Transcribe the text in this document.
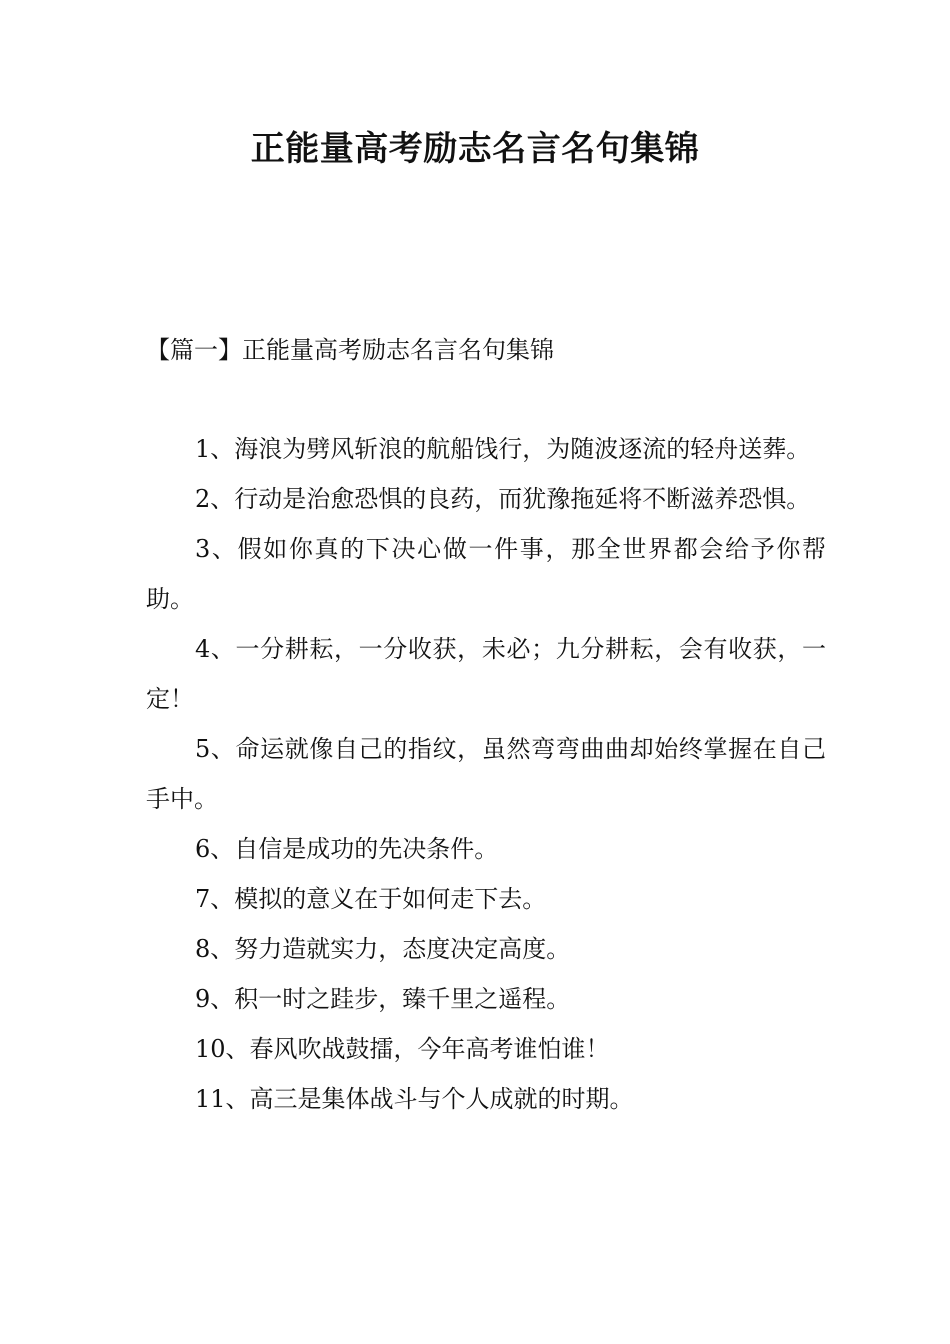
正能量高考励志名言名句集锦

【篇一】正能量高考励志名言名句集锦

1、海浪为劈风斩浪的航船饯行，为随波逐流的轻舟送葬。

2、行动是治愈恐惧的良药，而犹豫拖延将不断滋养恐惧。

3、假如你真的下决心做一件事，那全世界都会给予你帮助。

4、一分耕耘，一分收获，未必；九分耕耘，会有收获，一定！

5、命运就像自己的指纹，虽然弯弯曲曲却始终掌握在自己手中。

6、自信是成功的先决条件。

7、模拟的意义在于如何走下去。

8、努力造就实力，态度决定高度。

9、积一时之跬步，臻千里之遥程。

10、春风吹战鼓擂，今年高考谁怕谁！

11、高三是集体战斗与个人成就的时期。
